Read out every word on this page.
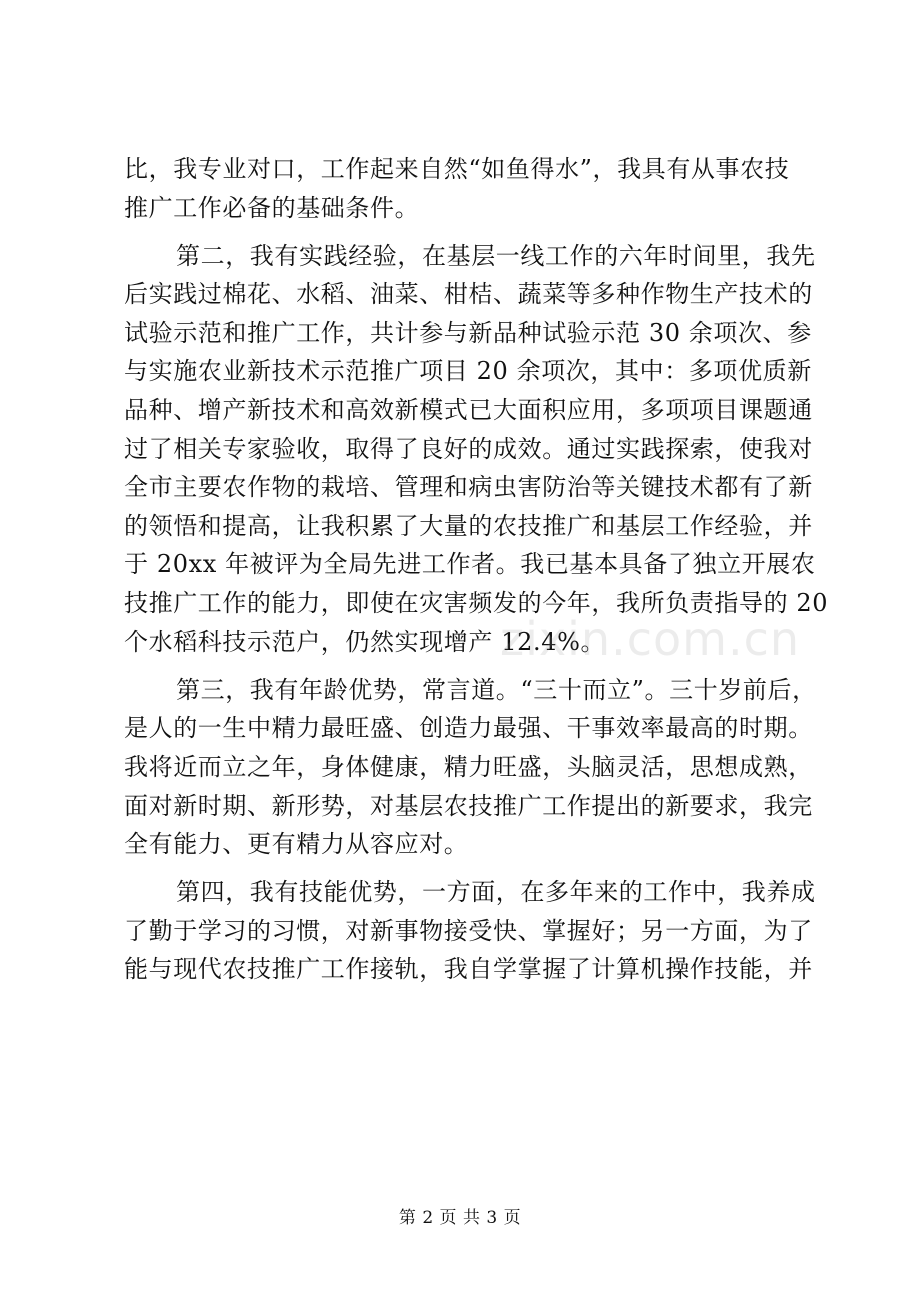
比，我专业对口，工作起来自然“如鱼得水”，我具有从事农技
推广工作必备的基础条件。
第二，我有实践经验，在基层一线工作的六年时间里，我先
后实践过棉花、水稻、油菜、柑桔、蔬菜等多种作物生产技术的
试验示范和推广工作，共计参与新品种试验示范 30 余项次、参
与实施农业新技术示范推广项目 20 余项次，其中：多项优质新
品种、增产新技术和高效新模式已大面积应用，多项项目课题通
过了相关专家验收，取得了良好的成效。通过实践探索，使我对
全市主要农作物的栽培、管理和病虫害防治等关键技术都有了新
的领悟和提高，让我积累了大量的农技推广和基层工作经验，并
于 20xx 年被评为全局先进工作者。我已基本具备了独立开展农
技推广工作的能力，即使在灾害频发的今年，我所负责指导的 20
个水稻科技示范户，仍然实现增产 12.4%。
第三，我有年龄优势，常言道。“三十而立”。三十岁前后，
是人的一生中精力最旺盛、创造力最强、干事效率最高的时期。
我将近而立之年，身体健康，精力旺盛，头脑灵活，思想成熟，
面对新时期、新形势，对基层农技推广工作提出的新要求，我完
全有能力、更有精力从容应对。
第四，我有技能优势，一方面，在多年来的工作中，我养成
了勤于学习的习惯，对新事物接受快、掌握好；另一方面，为了
能与现代农技推广工作接轨，我自学掌握了计算机操作技能，并
zixin.com.cn
第 2 页 共 3 页
